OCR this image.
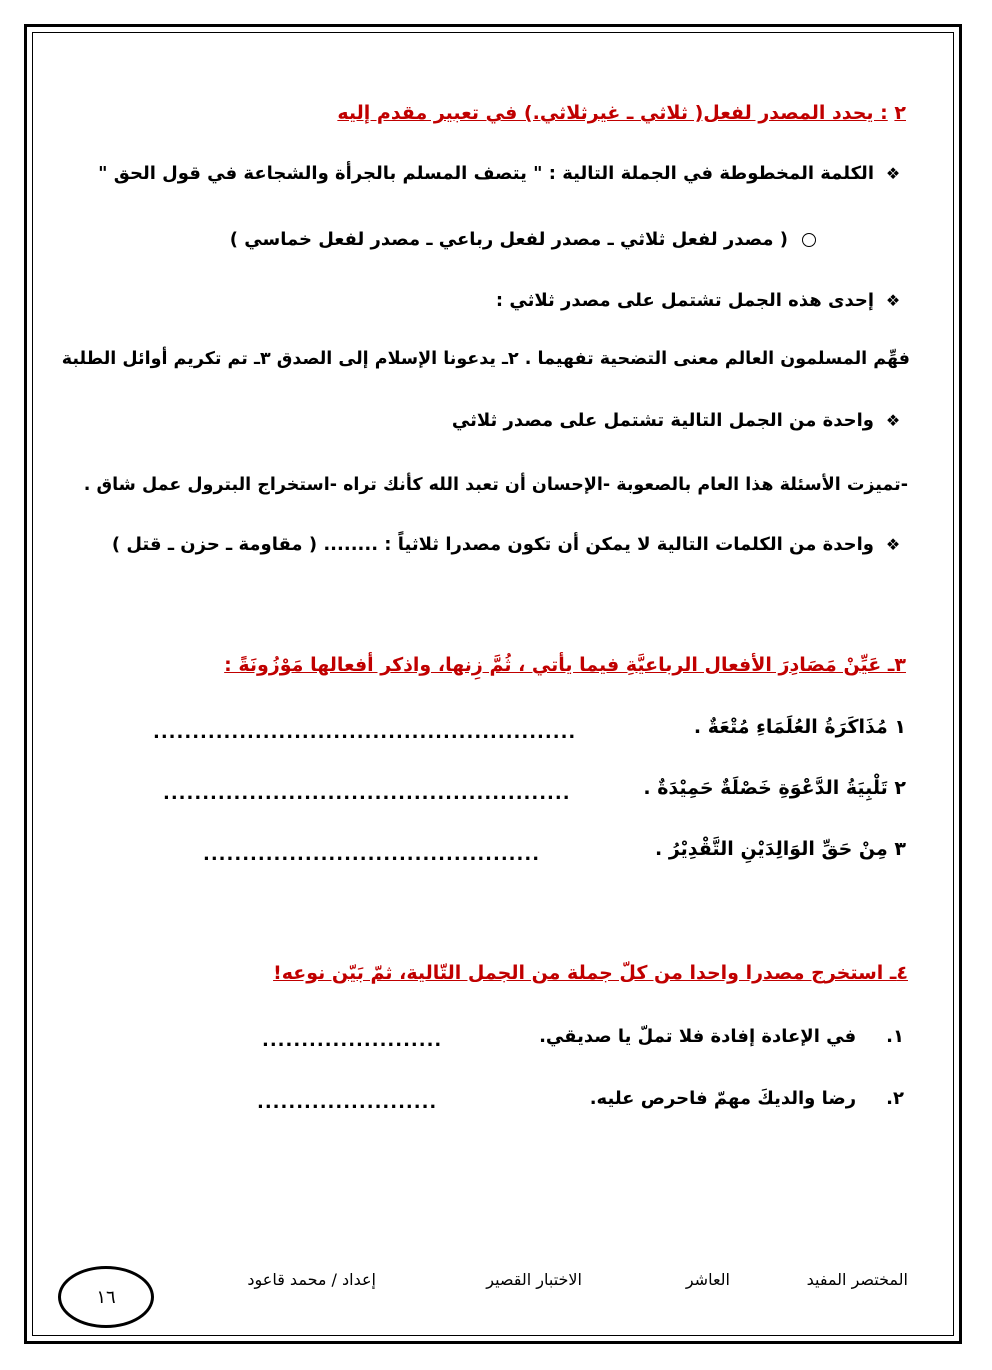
٢ : يحدد المصدر لفعل( ثلاثي ـ غيرثلاثي.) في تعبير مقدم إليه
❖الكلمة المخطوطة في الجملة التالية : " يتصف المسلم بالجرأة والشجاعة في قول الحق "
( مصدر لفعل ثلاثي ـ مصدر لفعل رباعي ـ مصدر لفعل خماسي )
❖إحدى هذه الجمل تشتمل على مصدر ثلاثي :
فهِّم المسلمون العالم معنى التضحية تفهيما . ٢ـ يدعونا الإسلام إلى الصدق ٣ـ تم تكريم أوائل الطلبة
❖واحدة من الجمل التالية تشتمل على مصدر ثلاثي
-تميزت الأسئلة هذا العام بالصعوبة -الإحسان أن تعبد الله كأنك تراه -استخراج البترول عمل شاق .
❖واحدة من الكلمات التالية لا يمكن أن تكون مصدرا ثلاثياً : ........ ( مقاومة ـ حزن ـ قتل )
٣ـ عَيِّنْ مَصَادِرَ الأفعال الرباعيَّةِ فيما يأتي ، ثُمَّ زِنها، واذكر أفعالها مَوْزُونَةً :
١ مُذَاكَرَةُ العُلَمَاءِ مُتْعَةٌ .
......................................................
٢ تَلْبِيَةُ الدَّعْوَةِ خَصْلَةٌ حَمِيْدَةٌ .
....................................................
٣ مِنْ حَقِّ الوَالِدَيْنِ التَّقْدِيْرُ .
...........................................
٤ـ استخرج مصدرا واحدا من كلّ جملة من الجمل التّالية، ثمّ بَيّن نوعه!
١.في الإعادة إفادة فلا تملّ يا صديقي.
.......................
٢.رضا والديكَ مهمّ فاحرص عليه.
.......................
المختصر المفيد
العاشر
الاختبار القصير
إعداد / محمد قاعود
١٦
